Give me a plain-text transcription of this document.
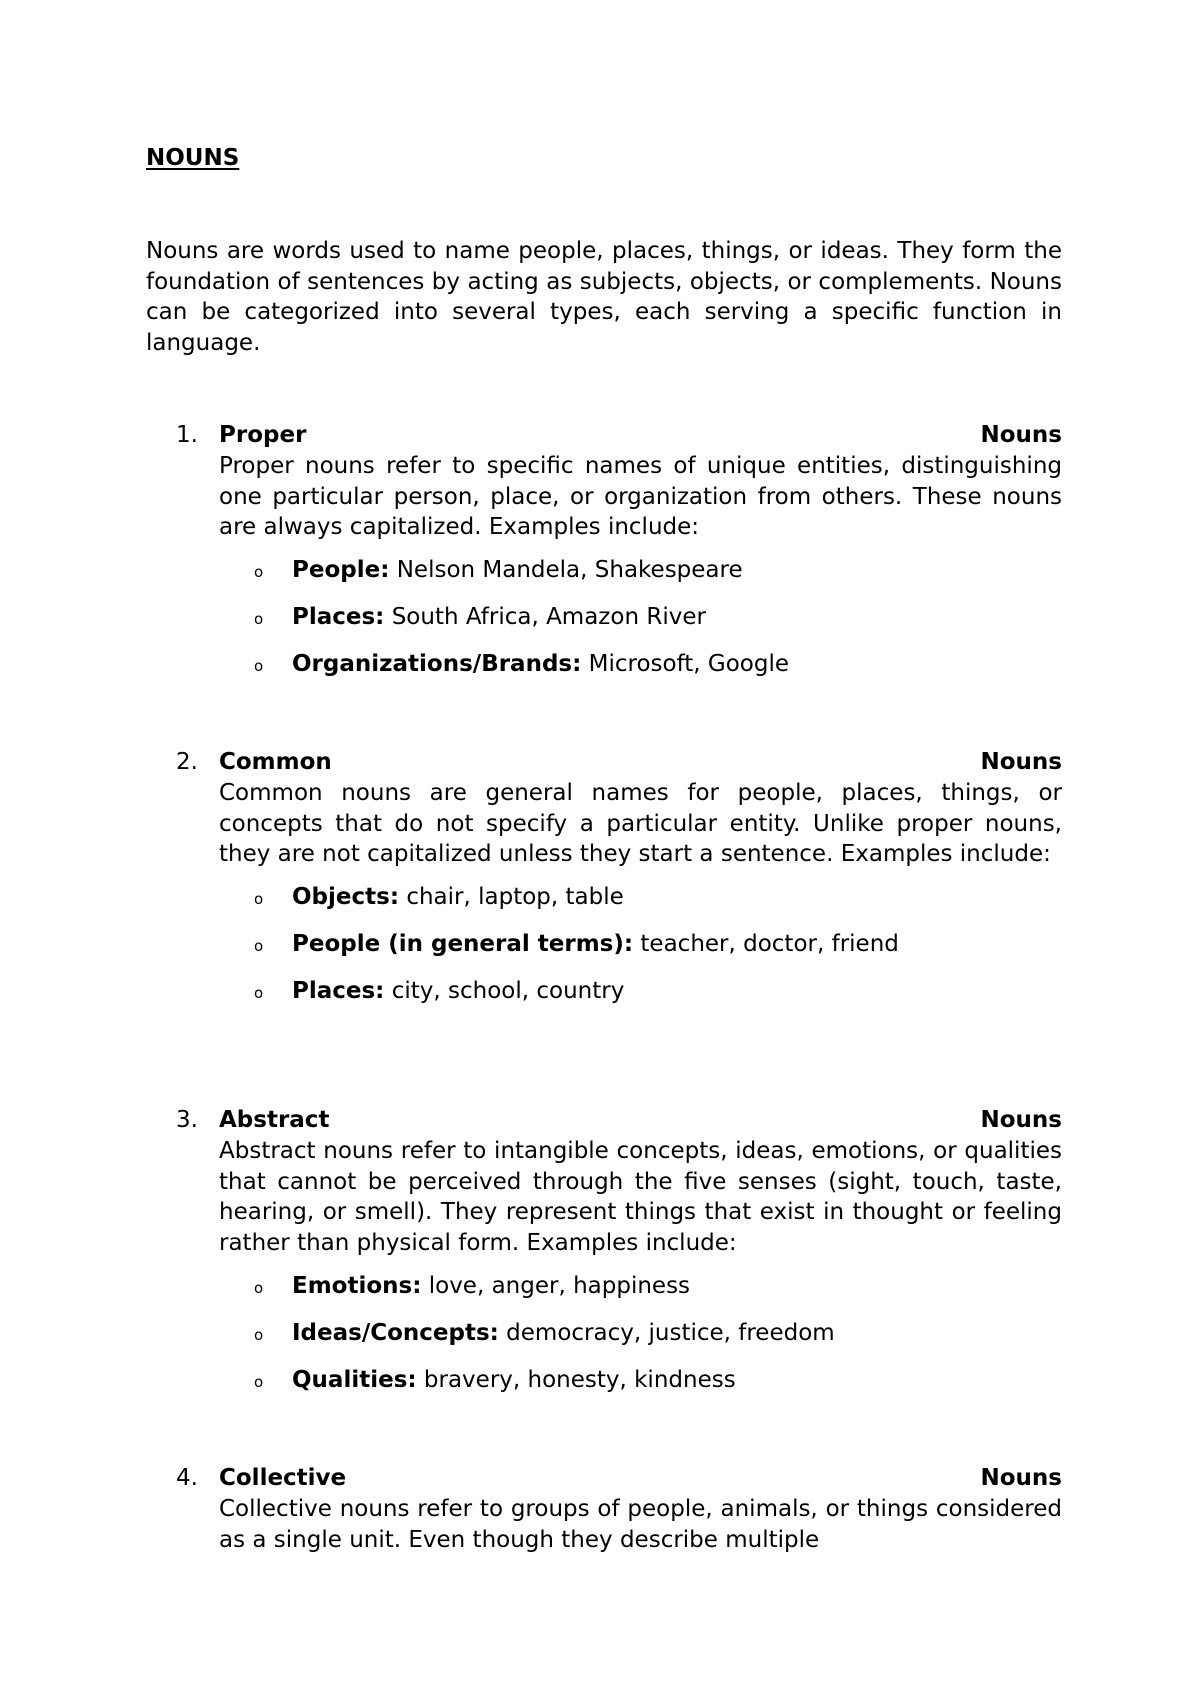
NOUNS

Nouns are words used to name people, places, things, or ideas. They form the foundation of sentences by acting as subjects, objects, or complements. Nouns can be categorized into several types, each serving a specific function in language.

1. Proper	Nouns

Proper nouns refer to specific names of unique entities, distinguishing one particular person, place, or organization from others. These nouns are always capitalized. Examples include:

o People: Nelson Mandela, Shakespeare
o Places: South Africa, Amazon River
o Organizations/Brands: Microsoft, Google
2. Common	Nouns

Common nouns are general names for people, places, things, or concepts that do not specify a particular entity. Unlike proper nouns, they are not capitalized unless they start a sentence. Examples include:

o Objects: chair, laptop, table
o People (in general terms): teacher, doctor, friend
o Places: city, school, country
3. Abstract	Nouns

Abstract nouns refer to intangible concepts, ideas, emotions, or qualities that cannot be perceived through the five senses (sight, touch, taste, hearing, or smell). They represent things that exist in thought or feeling rather than physical form. Examples include:

o Emotions: love, anger, happiness
o Ideas/Concepts: democracy, justice, freedom
o Qualities: bravery, honesty, kindness
4. Collective	Nouns

Collective nouns refer to groups of people, animals, or things considered as a single unit. Even though they describe multiple
